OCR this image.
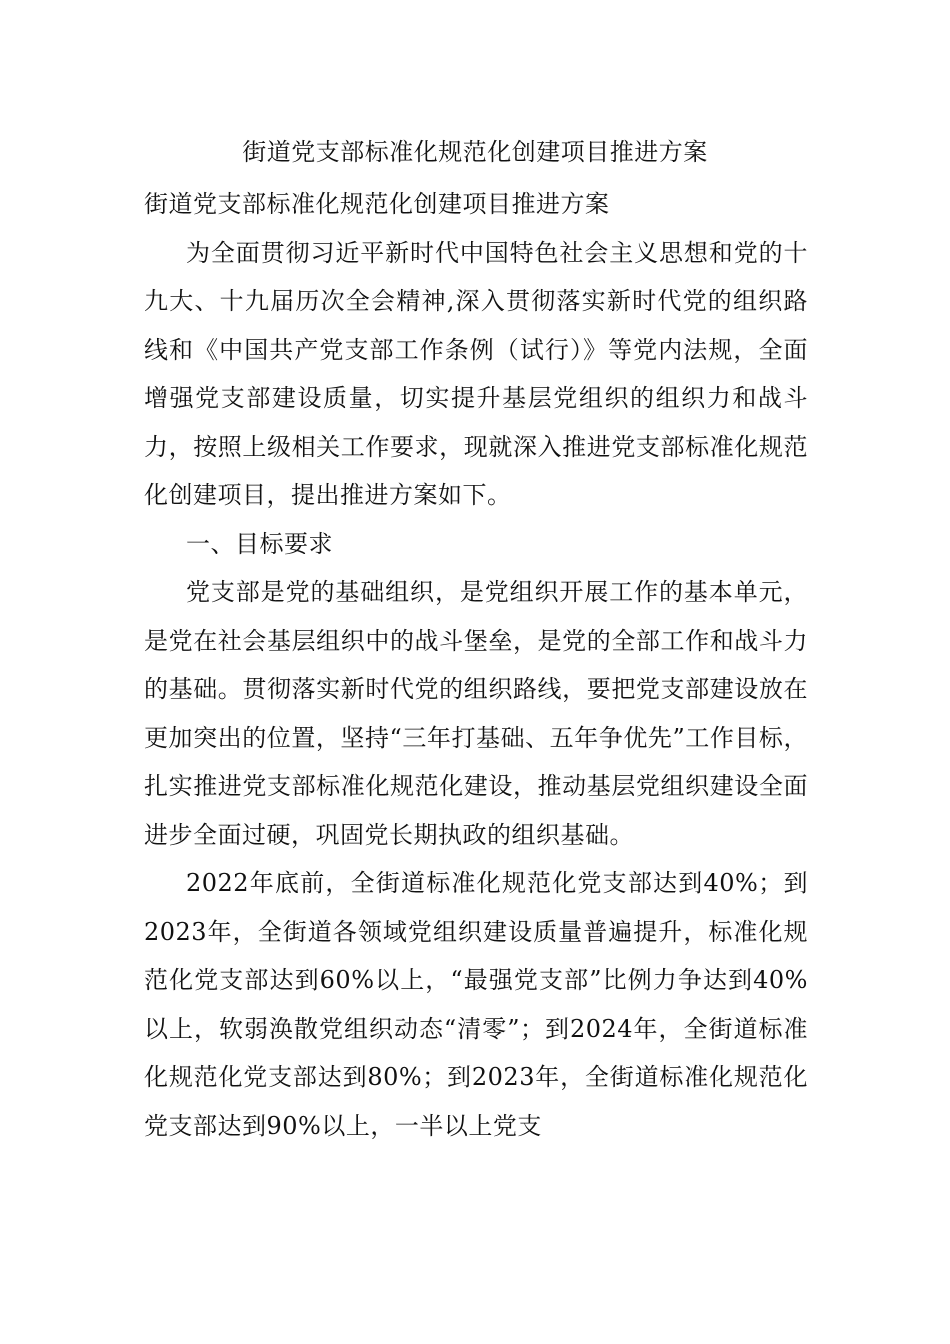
街道党支部标准化规范化创建项目推进方案

街道党支部标准化规范化创建项目推进方案

为全面贯彻习近平新时代中国特色社会主义思想和党的十九大、十九届历次全会精神,深入贯彻落实新时代党的组织路线和《中国共产党支部工作条例（试行）》等党内法规，全面增强党支部建设质量，切实提升基层党组织的组织力和战斗力，按照上级相关工作要求，现就深入推进党支部标准化规范化创建项目，提出推进方案如下。

一、目标要求

党支部是党的基础组织，是党组织开展工作的基本单元，是党在社会基层组织中的战斗堡垒，是党的全部工作和战斗力的基础。贯彻落实新时代党的组织路线，要把党支部建设放在更加突出的位置，坚持“三年打基础、五年争优先”工作目标，扎实推进党支部标准化规范化建设，推动基层党组织建设全面进步全面过硬，巩固党长期执政的组织基础。

2022年底前，全街道标准化规范化党支部达到40%；到2023年，全街道各领域党组织建设质量普遍提升，标准化规范化党支部达到60%以上，“最强党支部”比例力争达到40%以上，软弱涣散党组织动态“清零”；到2024年，全街道标准化规范化党支部达到80%；到2023年，全街道标准化规范化党支部达到90%以上，一半以上党支
